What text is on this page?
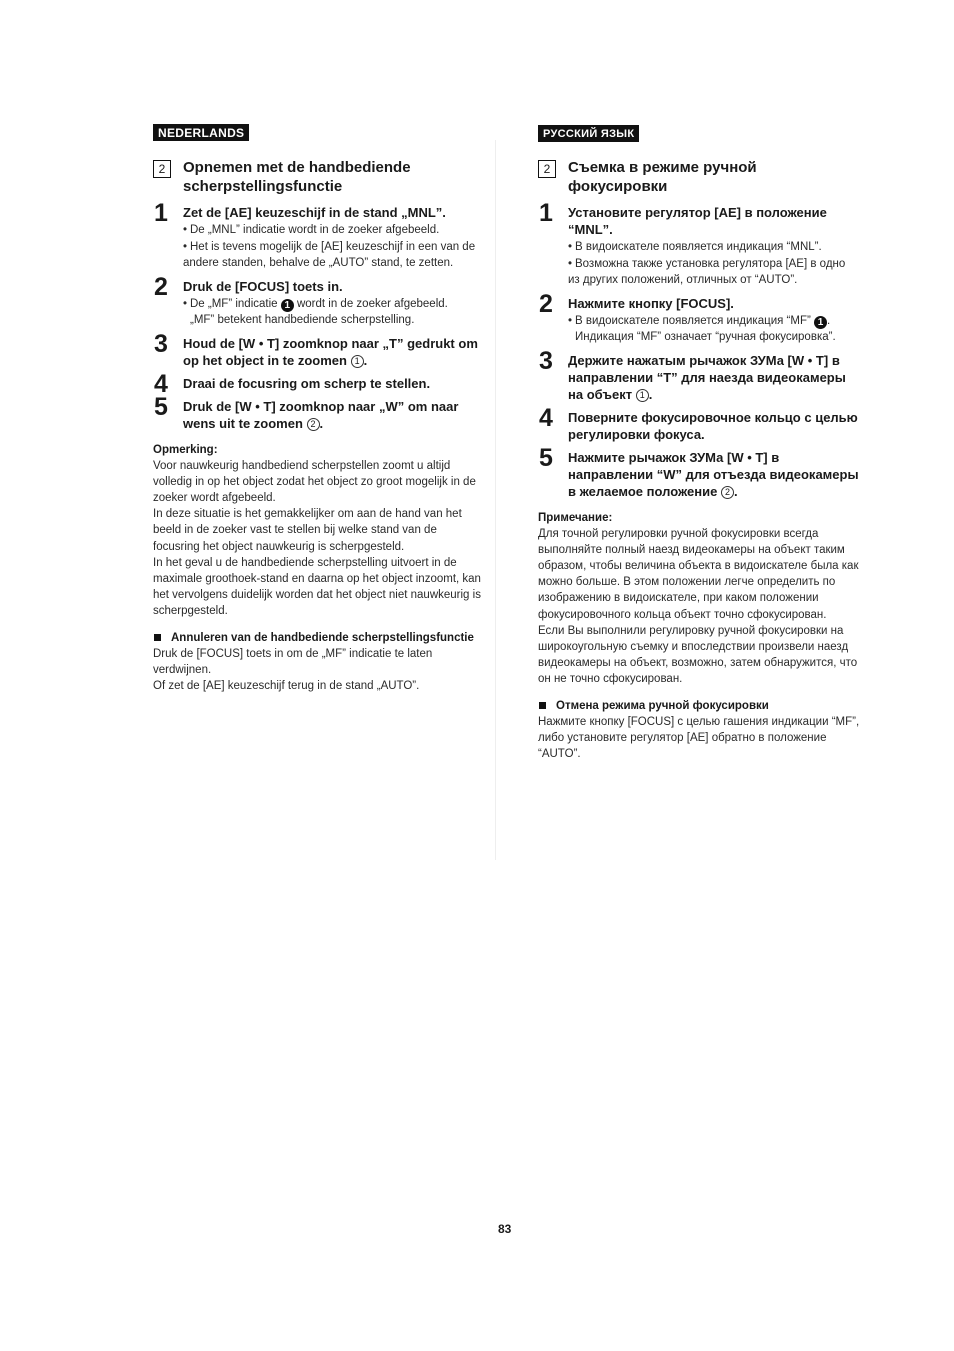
NEDERLANDS
2	Opnemen met de handbediende scherpstellingsfunctie
1 Zet de [AE] keuzeschijf in de stand „MNL”.
• De „MNL” indicatie wordt in de zoeker afgebeeld.
• Het is tevens mogelijk de [AE] keuzeschijf in een van de andere standen, behalve de „AUTO” stand, te zetten.
2 Druk de [FOCUS] toets in.
• De „MF” indicatie 1 wordt in de zoeker afgebeeld.
„MF” betekent handbediende scherpstelling.
3 Houd de [W • T] zoomknop naar „T” gedrukt om op het object in te zoomen 1 .
4 Draai de focusring om scherp te stellen.
5 Druk de [W • T] zoomknop naar „W” om naar wens uit te zoomen 2 .
Opmerking:

Voor nauwkeurig handbediend scherpstellen zoomt u altijd volledig in op het object zodat het object zo groot mogelijk in de zoeker wordt afgebeeld.

In deze situatie is het gemakkelijker om aan de hand van het beeld in de zoeker vast te stellen bij welke stand van de focusring het object nauwkeurig is scherpgesteld.

In het geval u de handbediende scherpstelling uitvoert in de maximale groothoek-stand en daarna op het object inzoomt, kan het vervolgens duidelijk worden dat het object niet nauwkeurig is scherpgesteld.

Annuleren van de handbediende scherpstellingsfunctie

Druk de [FOCUS] toets in om de „MF” indicatie te laten verdwijnen.

Of zet de [AE] keuzeschijf terug in de stand „AUTO”.

РУССКИЙ ЯЗЫК
2	Съемка в режиме ручной фокусировки
1 Установите регулятор [AE] в положение “MNL”.
• В видоискателе появляется индикация “MNL”.
• Возможна также установка регулятора [AE] в одно из других положений, отличных от “AUTO”.
2 Нажмите кнопку [FOCUS].
• В видоискателе появляется индикация “MF” 1 .
Индикация “MF” означает “ручная фокусировка”.
3 Держите нажатым рычажок ЗУМа [W • T] в направлении “T” для наезда видеокамеры на объект 1 .
4 Поверните фокусировочное кольцо с целью регулировки фокуса.
5 Нажмите рычажок ЗУМа [W • T] в направлении “W” для отъезда видеокамеры в желаемое положение 2 .
Примечание:

Для точной регулировки ручной фокусировки всегда выполняйте полный наезд видеокамеры на объект таким образом, чтобы величина объекта в видоискателе была как можно больше. В этом положении легче определить по изображению в видоискателе, при каком положении фокусировочного кольца объект точно сфокусирован.

Если Вы выполнили регулировку ручной фокусировки на широкоугольную съемку и впоследствии произвели наезд видеокамеры на объект, возможно, затем обнаружится, что он не точно сфокусирован.

Отмена режима ручной фокусировки

Нажмите кнопку [FOCUS] с целью гашения индикации “MF”, либо установите регулятор [AE] обратно в положение “AUTO”.

83
